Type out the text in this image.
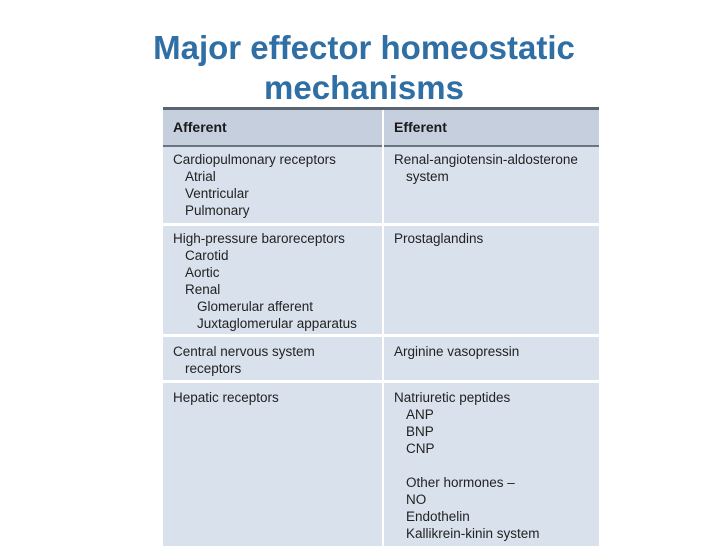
Major effector homeostatic
mechanisms
Afferent	Efferent
Cardiopulmonary receptors
Atrial
Ventricular
Pulmonary
Renal-angiotensin-aldosterone
system
High-pressure baroreceptors
Carotid
Aortic
Renal
Glomerular afferent
Juxtaglomerular apparatus
Prostaglandins
Central nervous system
receptors
Arginine vasopressin
Hepatic receptors	Natriuretic peptides
ANP
BNP
CNP
Other hormones –
NO
Endothelin
Kallikrein-kinin system
